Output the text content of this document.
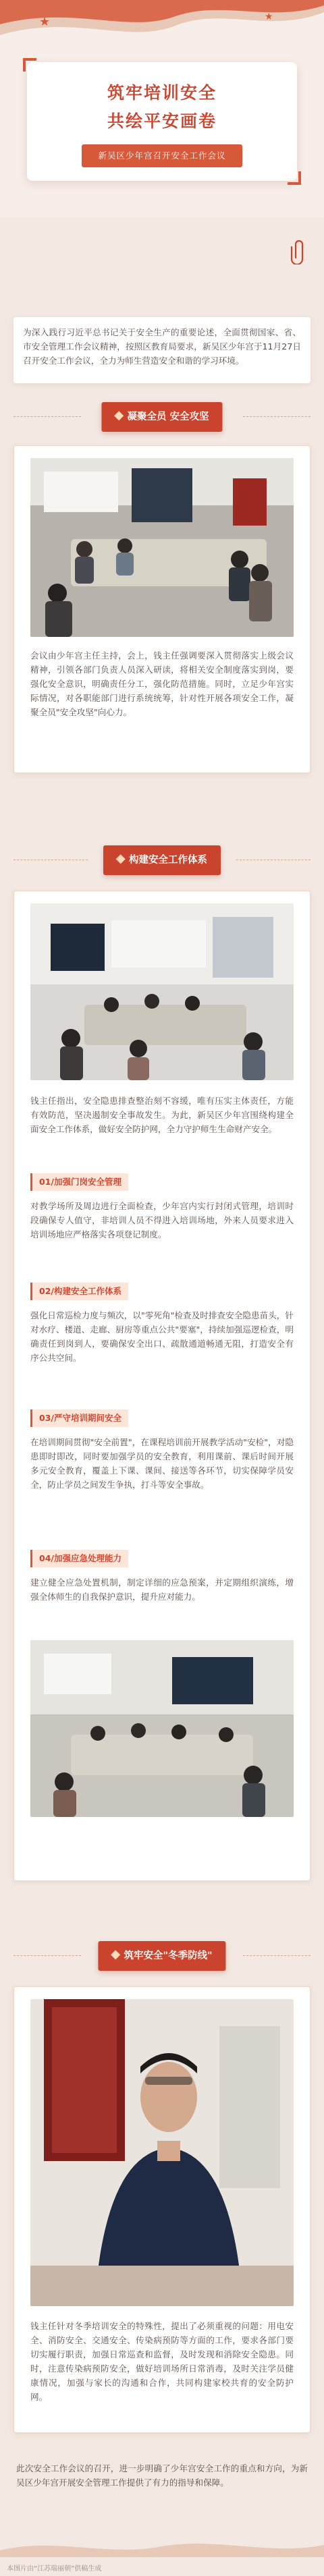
★	★
筑牢培训安全
共绘平安画卷
新吴区少年宫召开安全工作会议

为深入践行习近平总书记关于安全生产的重要论述，全面贯彻国家、省、市安全管理工作会议精神，按照区教育局要求，新吴区少年宫于11月27日召开安全工作会议，全力为师生营造安全和谐的学习环境。

凝聚全员 安全攻坚

会议由少年宫主任主持，会上，钱主任强调要深入贯彻落实上级会议精神，引领各部门负责人员深入研读，将相关安全制度落实到岗，要强化安全意识，明确责任分工，强化防范措施。同时，立足少年宫实际情况，对各职能部门进行系统统筹，针对性开展各项安全工作，凝聚全员"安全攻坚"向心力。

构建安全工作体系

钱主任指出，安全隐患排查整治刻不容缓，唯有压实主体责任，方能有效防范，坚决遏制安全事故发生。为此，新吴区少年宫围绕构建全面安全工作体系，做好安全防护网，全力守护师生生命财产安全。

01/加强门岗安全管理

对教学场所及周边进行全面检查，少年宫内实行封闭式管理，培训时段确保专人值守，非培训人员不得进入培训场地，外来人员要求进入培训场地应严格落实各项登记制度。

02/构建安全工作体系

强化日常巡检力度与频次，以"零死角"检查及时排查安全隐患苗头，针对水疗、楼道、走廊、厨房等重点公共"要塞"，持续加强巡逻检查，明确责任到岗到人，要确保安全出口、疏散通道畅通无阻，打造安全有序公共空间。

03/严守培训期间安全

在培训期间贯彻"安全前置"，在课程培训前开展教学活动"安检"，对隐患即时即改，同时要加强学员的安全教育，利用课前、课后时间开展多元安全教育，覆盖上下课、课间、接送等各环节，切实保障学员安全，防止学员之间发生争执，打斗等安全事故。

04/加强应急处理能力

建立健全应急处置机制，制定详细的应急预案，并定期组织演练，增强全体师生的自我保护意识，提升应对能力。

筑牢安全"冬季防线"

钱主任针对冬季培训安全的特殊性，提出了必须重视的问题：用电安全、消防安全、交通安全、传染病预防等方面的工作，要求各部门要切实履行职责，加强日常巡查和监督，及时发现和消除安全隐患。同时，注意传染病预防安全，做好培训场所日常消毒，及时关注学员健康情况，加强与家长的沟通和合作，共同构建家校共育的安全防护网。

此次安全工作会议的召开，进一步明确了少年宫安全工作的重点和方向，为新吴区少年宫开展安全管理工作提供了有力的指导和保障。

本图片由“江苏瑞丽朝”供稿生成
